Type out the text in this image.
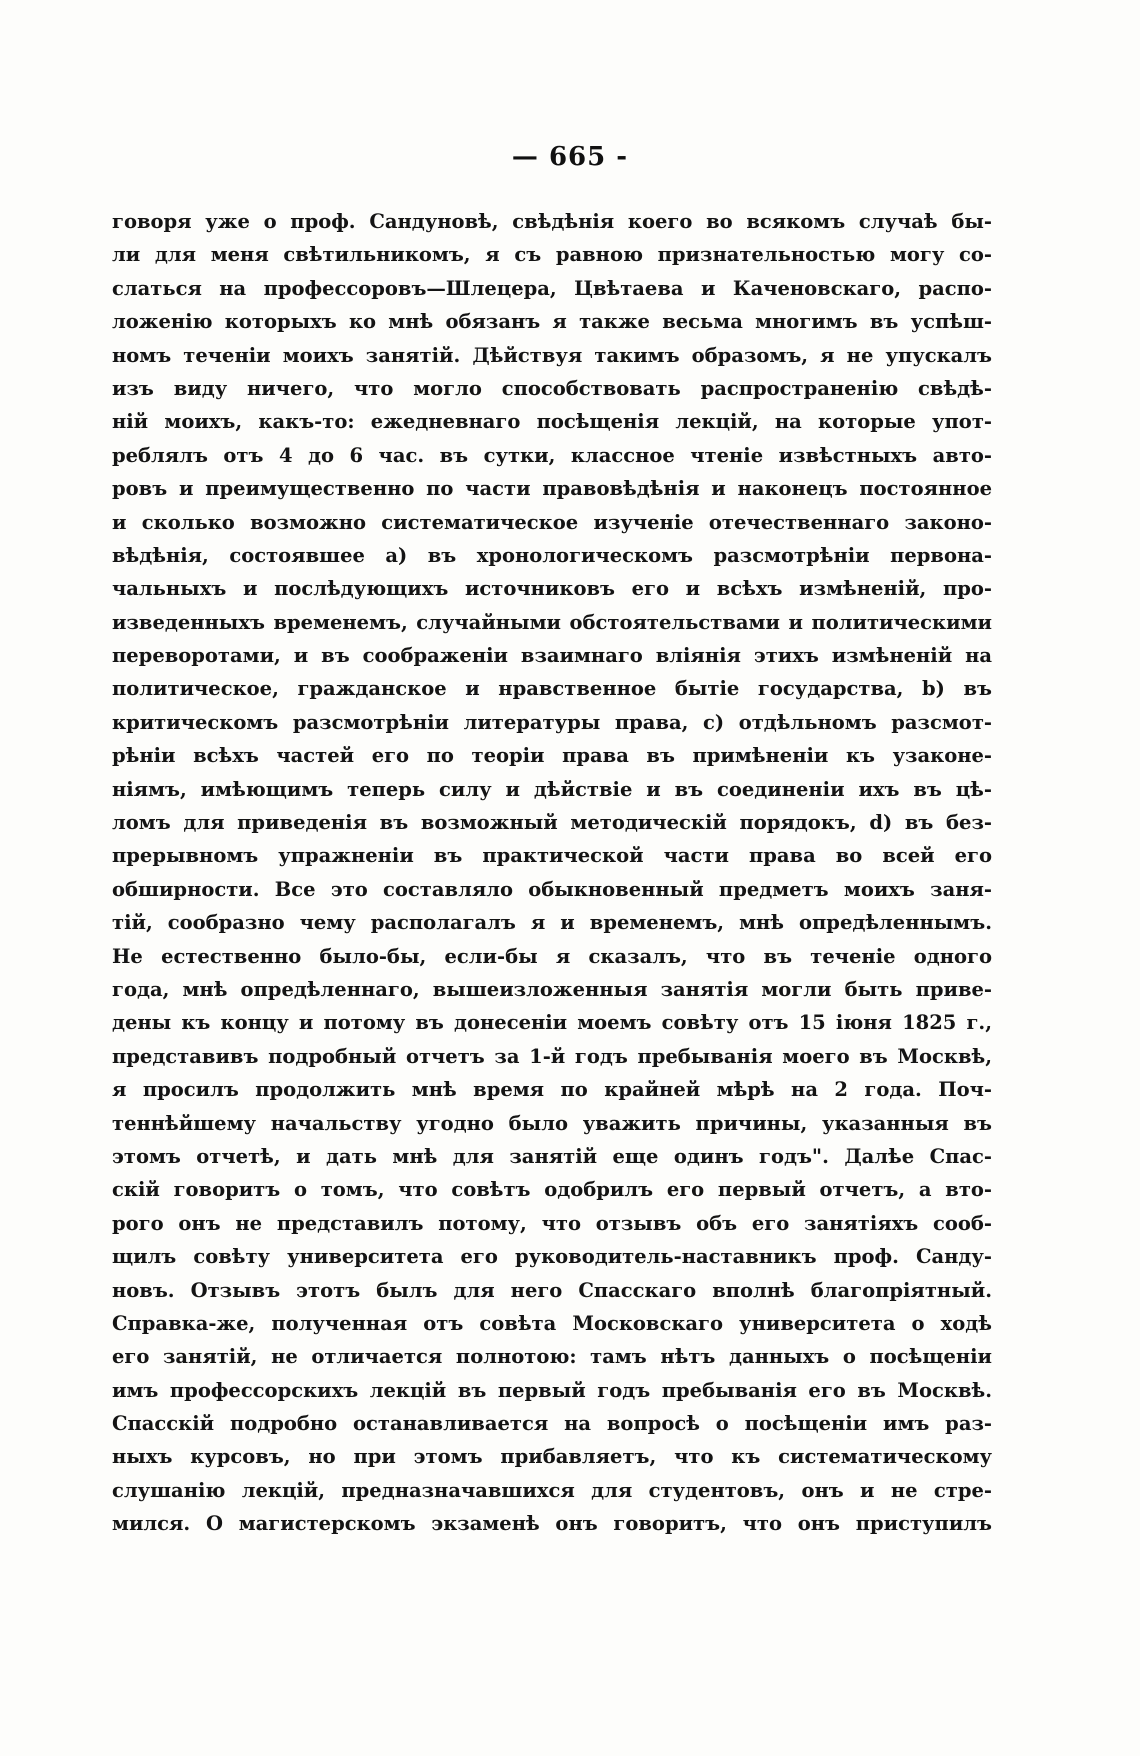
— 665 -
говоря уже о проф. Сандуновѣ, свѣдѣнія коего во всякомъ случаѣ бы-
ли для меня свѣтильникомъ, я съ равною признательностью могу со-
слаться на профессоровъ—Шлецера, Цвѣтаева и Каченовскаго, распо-
ложенію которыхъ ко мнѣ обязанъ я также весьма многимъ въ успѣш-
номъ теченіи моихъ занятій. Дѣйствуя такимъ образомъ, я не упускалъ
изъ виду ничего, что могло способствовать распространенію свѣдѣ-
ній моихъ, какъ-то: ежедневнаго посѣщенія лекцій, на которые упот-
реблялъ отъ 4 до 6 час. въ сутки, классное чтеніе извѣстныхъ авто-
ровъ и преимущественно по части правовѣдѣнія и наконецъ постоянное
и сколько возможно систематическое изученіе отечественнаго законо-
вѣдѣнія, состоявшее а) въ хронологическомъ разсмотрѣніи первона-
чальныхъ и послѣдующихъ источниковъ его и всѣхъ измѣненій, про-
изведенныхъ временемъ, случайными обстоятельствами и политическими
переворотами, и въ соображеніи взаимнаго вліянія этихъ измѣненій на
политическое, гражданское и нравственное бытіе государства, b) въ
критическомъ разсмотрѣніи литературы права, с) отдѣльномъ разсмот-
рѣніи всѣхъ частей его по теоріи права въ примѣненіи къ узаконе-
ніямъ, имѣющимъ теперь силу и дѣйствіе и въ соединеніи ихъ въ цѣ-
ломъ для приведенія въ возможный методическій порядокъ, d) въ без-
прерывномъ упражненіи въ практической части права во всей его
обширности. Все это составляло обыкновенный предметъ моихъ заня-
тій, сообразно чему располагалъ я и временемъ, мнѣ опредѣленнымъ.
Не естественно было-бы, если-бы я сказалъ, что въ теченіе одного
года, мнѣ опредѣленнаго, вышеизложенныя занятія могли быть приве-
дены къ концу и потому въ донесеніи моемъ совѣту отъ 15 іюня 1825 г.,
представивъ подробный отчетъ за 1-й годъ пребыванія моего въ Москвѣ,
я просилъ продолжить мнѣ время по крайней мѣрѣ на 2 года. Поч-
теннѣйшему начальству угодно было уважить причины, указанныя въ
этомъ отчетѣ, и дать мнѣ для занятій еще одинъ годъ". Далѣе Спас-
скій говоритъ о томъ, что совѣтъ одобрилъ его первый отчетъ, а вто-
рого онъ не представилъ потому, что отзывъ объ его занятіяхъ сооб-
щилъ совѣту университета его руководитель-наставникъ проф. Санду-
новъ. Отзывъ этотъ былъ для него Спасскаго вполнѣ благопріятный.
Справка-же, полученная отъ совѣта Московскаго университета о ходѣ
его занятій, не отличается полнотою: тамъ нѣтъ данныхъ о посѣщеніи
имъ профессорскихъ лекцій въ первый годъ пребыванія его въ Москвѣ.
Спасскій подробно останавливается на вопросѣ о посѣщеніи имъ раз-
ныхъ курсовъ, но при этомъ прибавляетъ, что къ систематическому
слушанію лекцій, предназначавшихся для студентовъ, онъ и не стре-
мился. О магистерскомъ экзаменѣ онъ говоритъ, что онъ приступилъ
